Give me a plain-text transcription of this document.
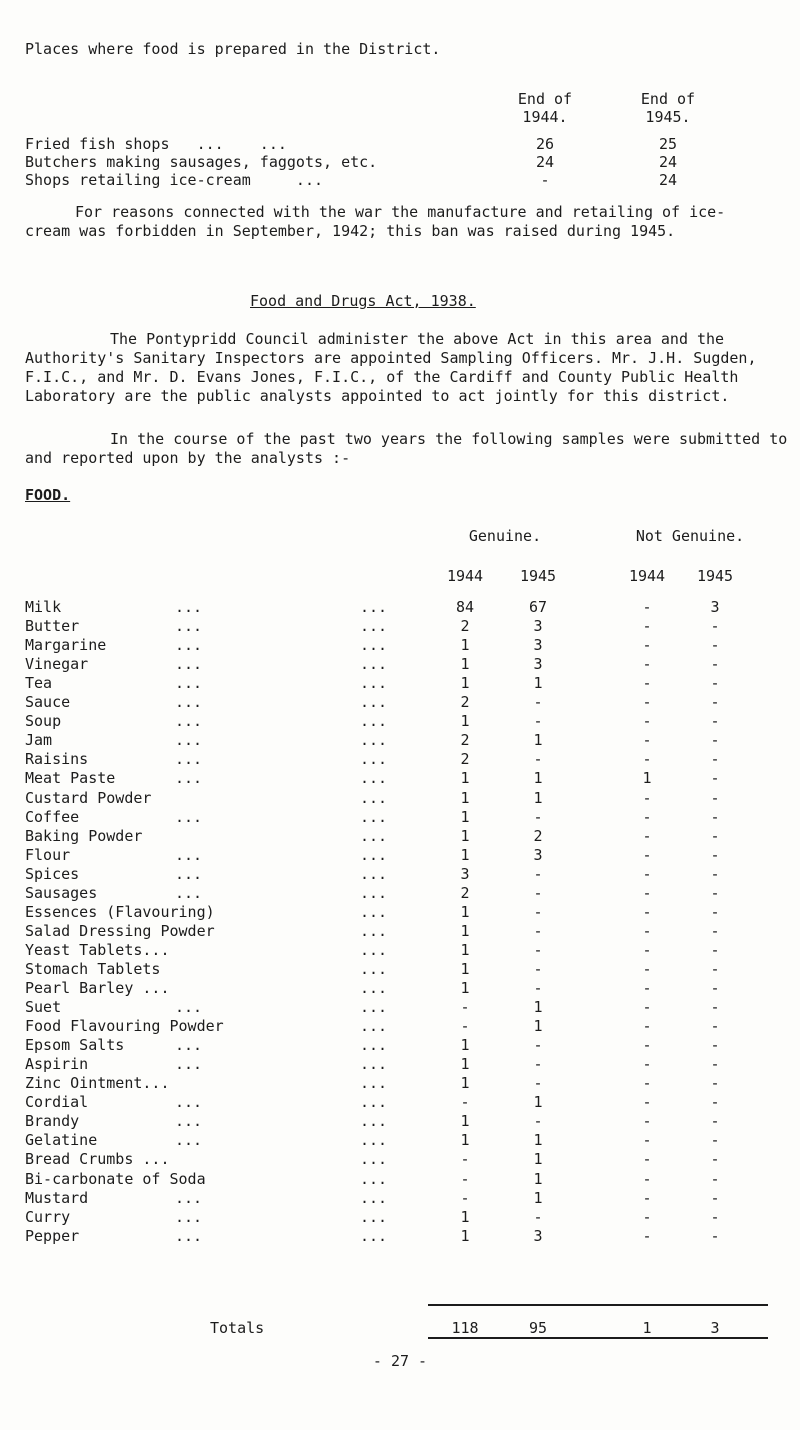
Places where food is prepared in the District.
End of
1944.
End of
1945.
Fried fish shops   ...    ...	26	25
Butchers making sausages, faggots, etc.	24	24
Shops retailing ice-cream     ...	-	24
For reasons connected with the war the manufacture and retailing of ice-cream was forbidden in September, 1942; this ban was raised during 1945.
Food and Drugs Act, 1938.
The Pontypridd Council administer the above Act in this area and the Authority's Sanitary Inspectors are appointed Sampling Officers. Mr. J.H. Sugden, F.I.C., and Mr. D. Evans Jones, F.I.C., of the Cardiff and County Public Health Laboratory are the public analysts appointed to act jointly for this district.
In the course of the past two years the following samples were submitted to and reported upon by the analysts :-
FOOD.
Genuine.	Not Genuine.
1944	1945	1944	1945
Milk	...	...	84	67	-	3
Butter	...	...	2	3	-	-
Margarine	...	...	1	3	-	-
Vinegar	...	...	1	3	-	-
Tea	...	...	1	1	-	-
Sauce	...	...	2	-	-	-
Soup	...	...	1	-	-	-
Jam	...	...	2	1	-	-
Raisins	...	...	2	-	-	-
Meat Paste	...	...	1	1	1	-
Custard Powder	...	1	1	-	-
Coffee	...	...	1	-	-	-
Baking Powder	...	1	2	-	-
Flour	...	...	1	3	-	-
Spices	...	...	3	-	-	-
Sausages	...	...	2	-	-	-
Essences (Flavouring)	...	1	-	-	-
Salad Dressing Powder	...	1	-	-	-
Yeast Tablets...	...	1	-	-	-
Stomach Tablets	...	1	-	-	-
Pearl Barley ...	...	1	-	-	-
Suet	...	...	-	1	-	-
Food Flavouring Powder	...	-	1	-	-
Epsom Salts	...	...	1	-	-	-
Aspirin	...	...	1	-	-	-
Zinc Ointment...	...	1	-	-	-
Cordial	...	...	-	1	-	-
Brandy	...	...	1	-	-	-
Gelatine	...	...	1	1	-	-
Bread Crumbs ...	...	-	1	-	-
Bi-carbonate of Soda	...	-	1	-	-
Mustard	...	...	-	1	-	-
Curry	...	...	1	-	-	-
Pepper	...	...	1	3	-	-
Totals	118	95	1	3
- 27 -
